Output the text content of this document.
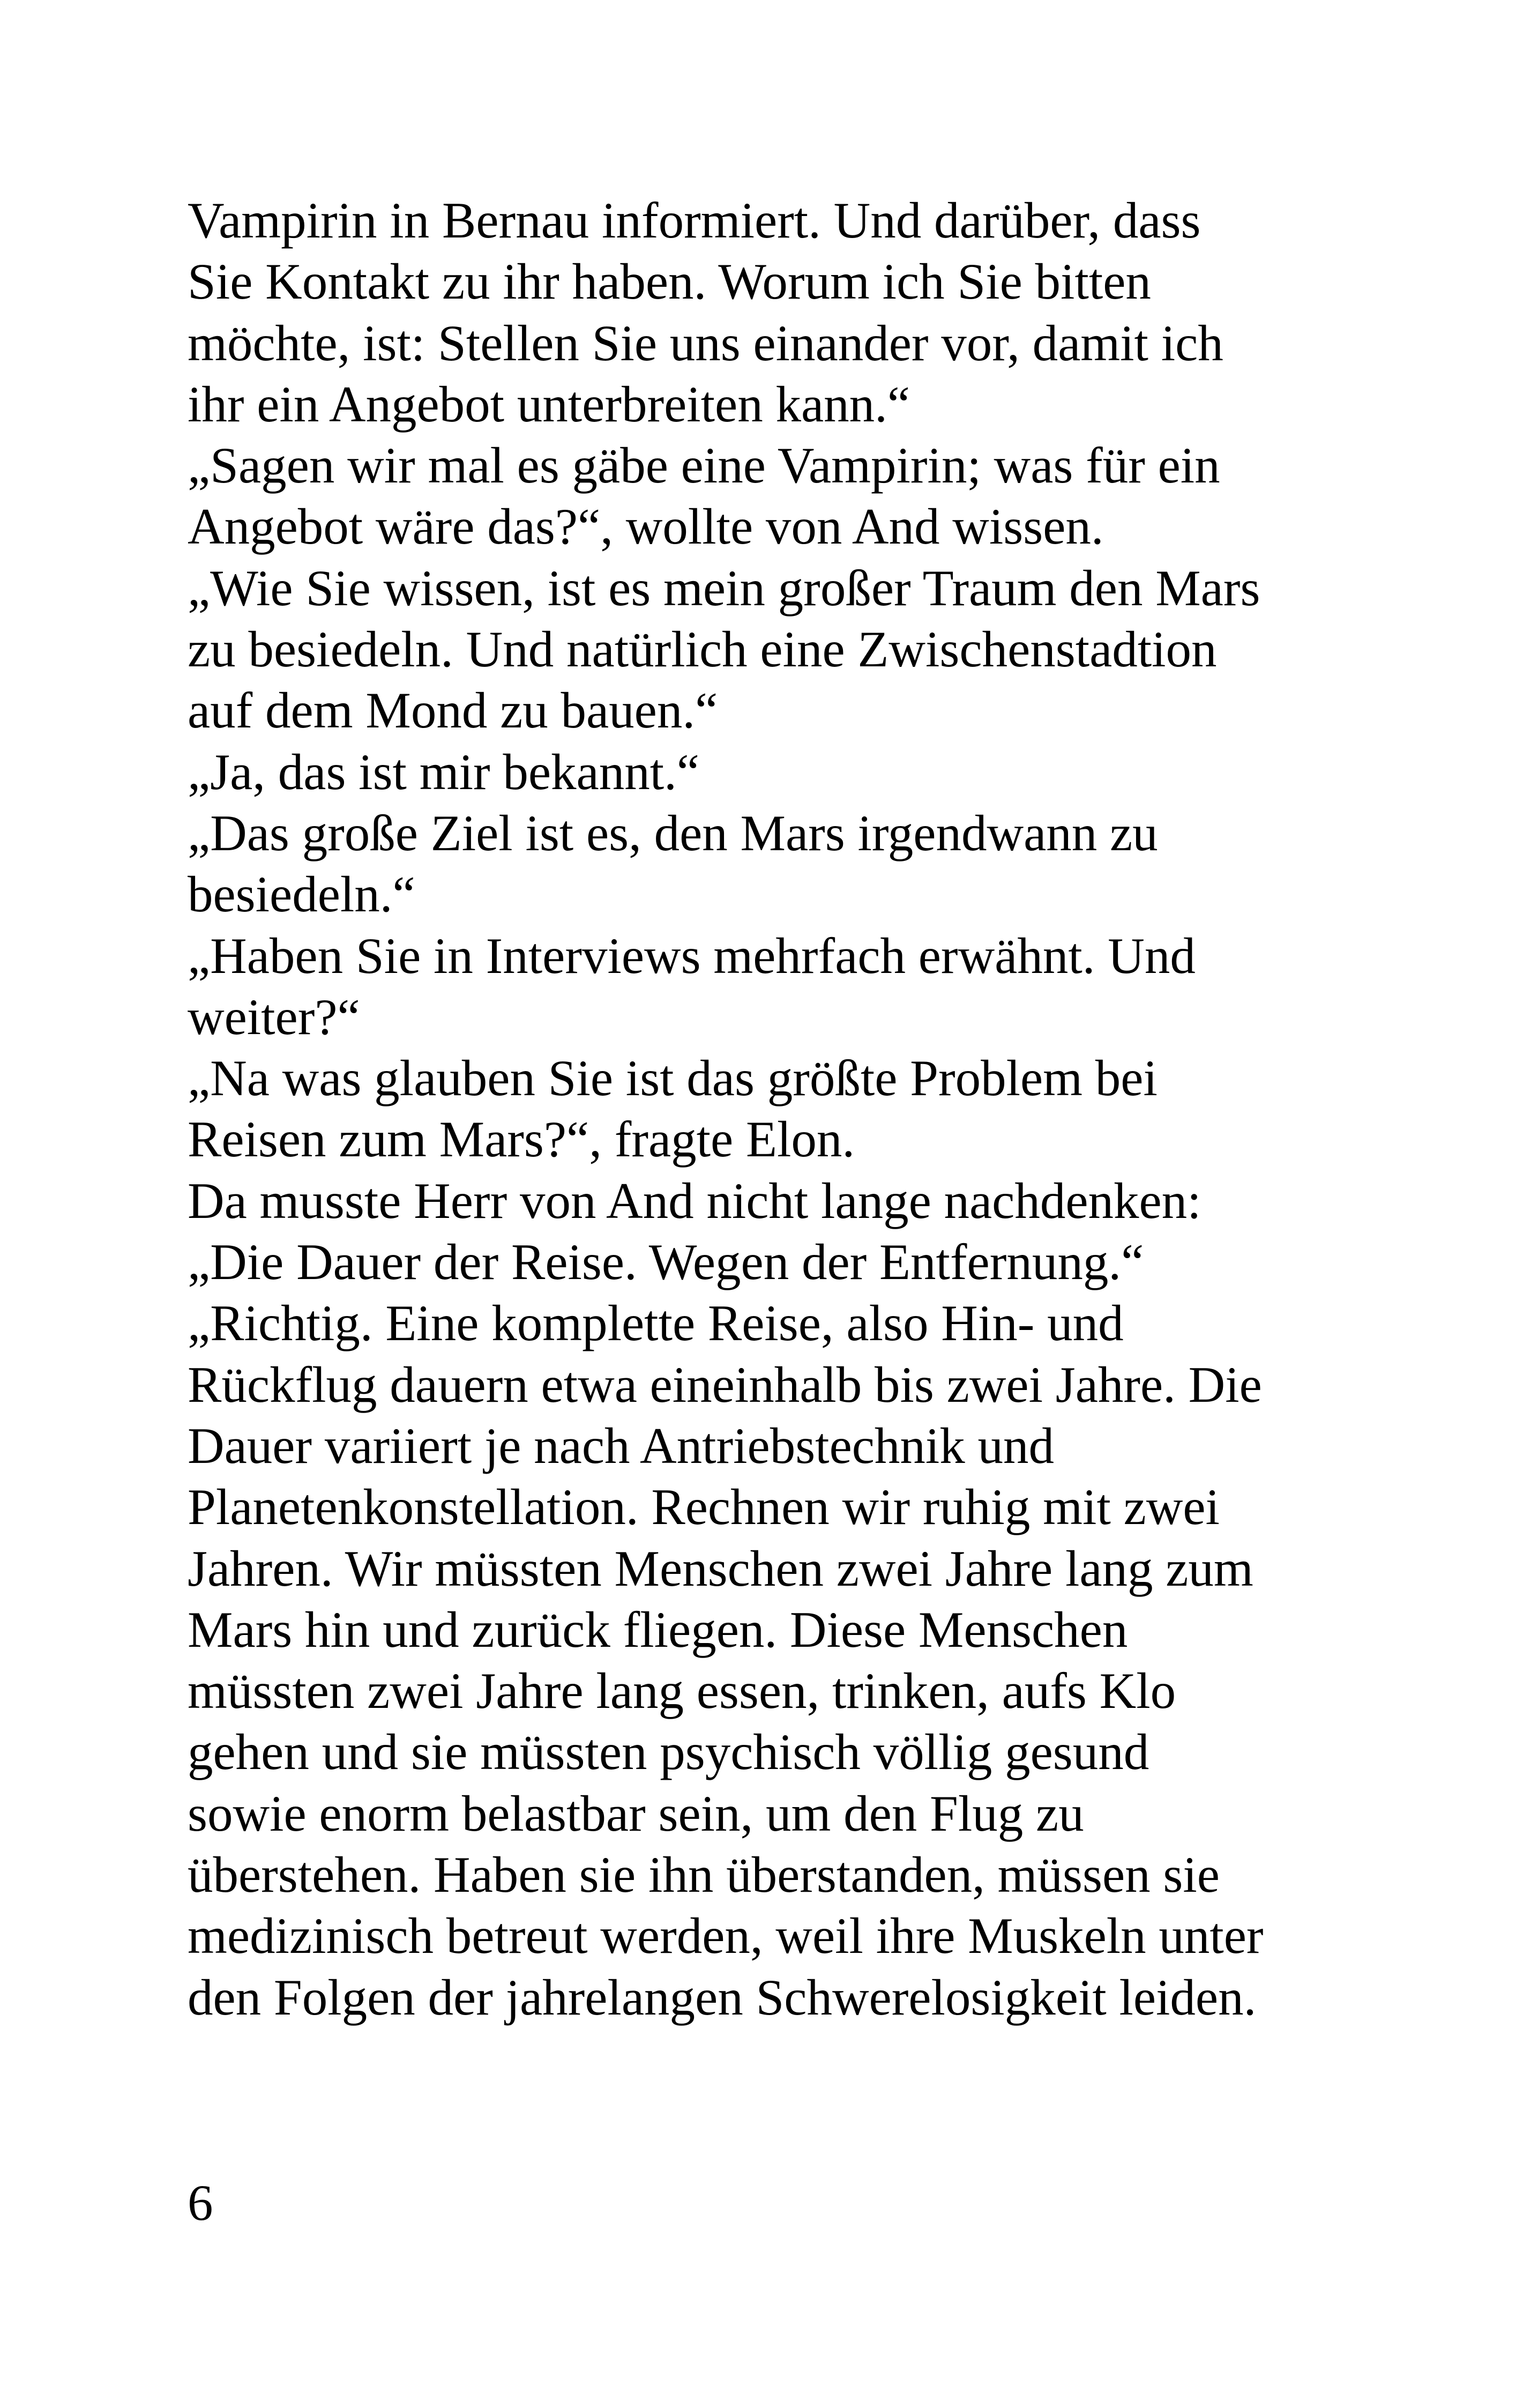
Vampirin in Bernau informiert. Und darüber, dass
Sie Kontakt zu ihr haben. Worum ich Sie bitten
möchte, ist: Stellen Sie uns einander vor, damit ich
ihr ein Angebot unterbreiten kann.“
„Sagen wir mal es gäbe eine Vampirin; was für ein
Angebot wäre das?“, wollte von And wissen.
„Wie Sie wissen, ist es mein großer Traum den Mars
zu besiedeln. Und natürlich eine Zwischenstadtion
auf dem Mond zu bauen.“
„Ja, das ist mir bekannt.“
„Das große Ziel ist es, den Mars irgendwann zu
besiedeln.“
„Haben Sie in Interviews mehrfach erwähnt. Und
weiter?“
„Na was glauben Sie ist das größte Problem bei
Reisen zum Mars?“, fragte Elon.
Da musste Herr von And nicht lange nachdenken:
„Die Dauer der Reise. Wegen der Entfernung.“
„Richtig. Eine komplette Reise, also Hin- und
Rückflug dauern etwa eineinhalb bis zwei Jahre. Die
Dauer variiert je nach Antriebstechnik und
Planetenkonstellation. Rechnen wir ruhig mit zwei
Jahren. Wir müssten Menschen zwei Jahre lang zum
Mars hin und zurück fliegen. Diese Menschen
müssten zwei Jahre lang essen, trinken, aufs Klo
gehen und sie müssten psychisch völlig gesund
sowie enorm belastbar sein, um den Flug zu
überstehen. Haben sie ihn überstanden, müssen sie
medizinisch betreut werden, weil ihre Muskeln unter
den Folgen der jahrelangen Schwerelosigkeit leiden.
6
